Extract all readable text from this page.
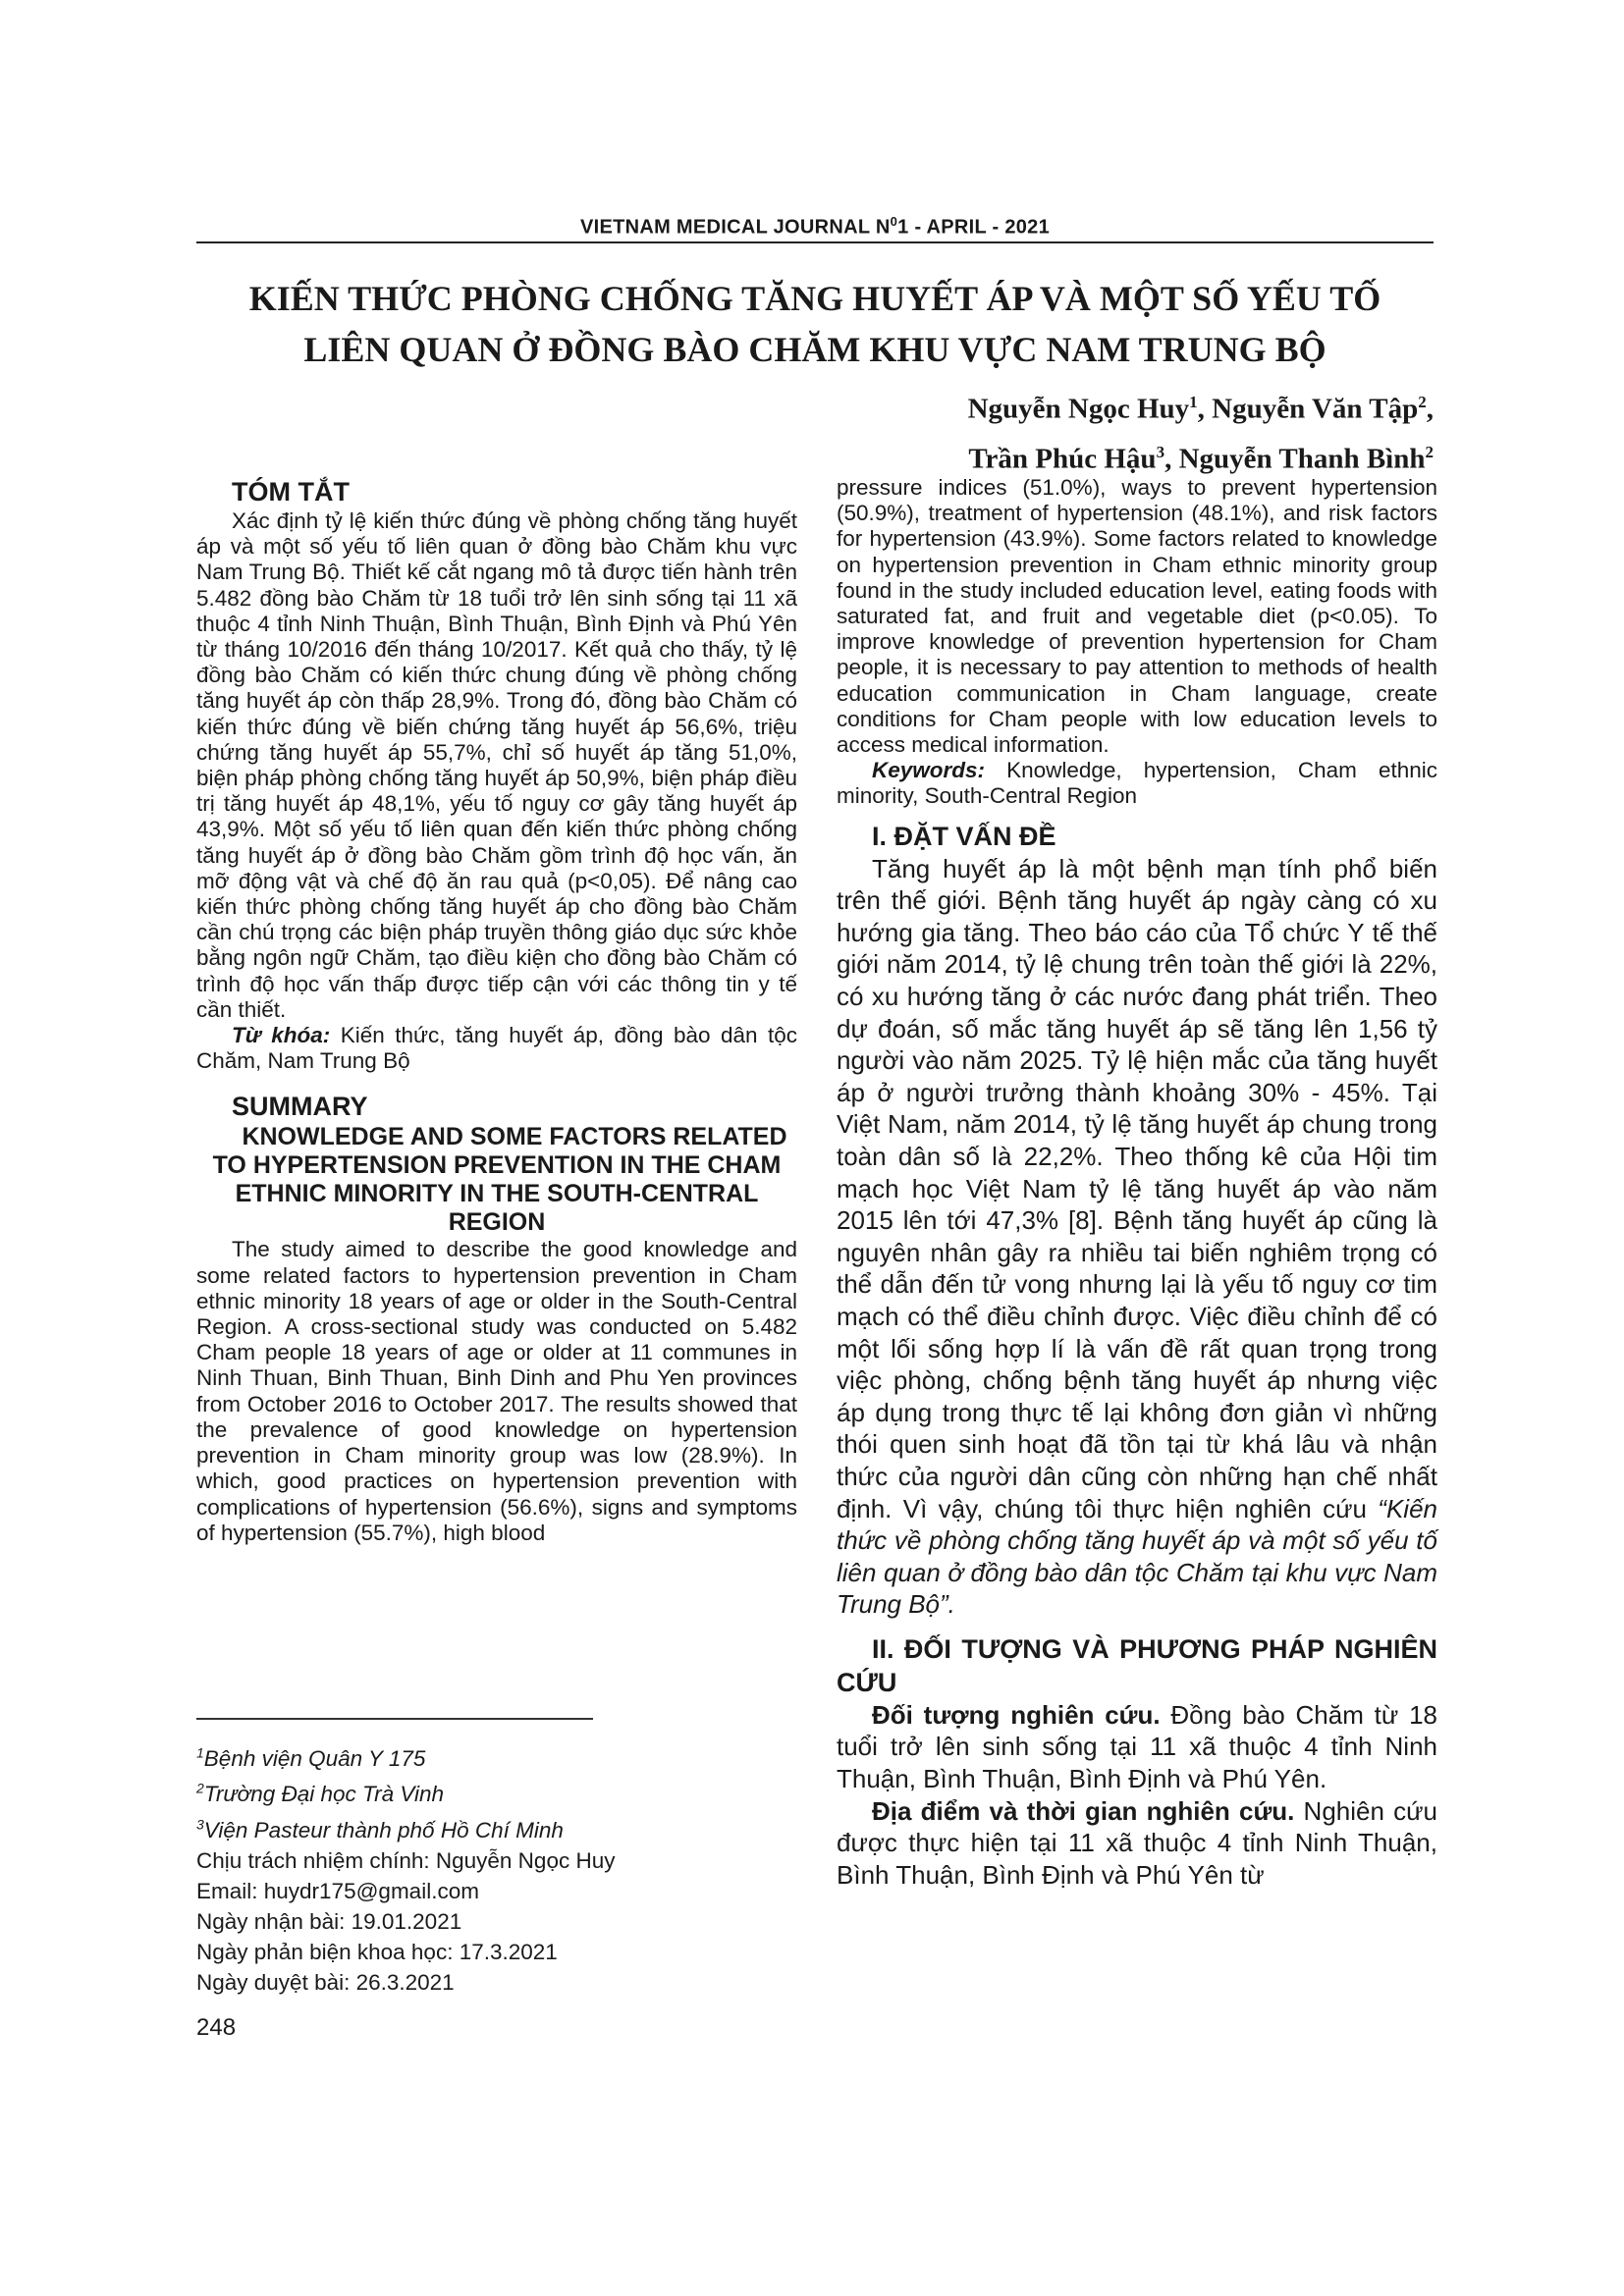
VIETNAM MEDICAL JOURNAL $N^01$ - APRIL - 2021
KIẾN THỨC PHÒNG CHỐNG TĂNG HUYẾT ÁP VÀ MỘT SỐ YẾU TỐ
LIÊN QUAN Ở ĐỒNG BÀO CHĂM KHU VỰC NAM TRUNG BỘ
Nguyễn Ngọc Huy$^1$, Nguyễn Văn Tập$^2$,
Trần Phúc Hậu$^3$, Nguyễn Thanh Bình$^2$

TÓM TẮT

Xác định tỷ lệ kiến thức đúng về phòng chống tăng huyết áp và một số yếu tố liên quan ở đồng bào Chăm khu vực Nam Trung Bộ. Thiết kế cắt ngang mô tả được tiến hành trên 5.482 đồng bào Chăm từ 18 tuổi trở lên sinh sống tại 11 xã thuộc 4 tỉnh Ninh Thuận, Bình Thuận, Bình Định và Phú Yên từ tháng 10/2016 đến tháng 10/2017. Kết quả cho thấy, tỷ lệ đồng bào Chăm có kiến thức chung đúng về phòng chống tăng huyết áp còn thấp 28,9%. Trong đó, đồng bào Chăm có kiến thức đúng về biến chứng tăng huyết áp 56,6%, triệu chứng tăng huyết áp 55,7%, chỉ số huyết áp tăng 51,0%, biện pháp phòng chống tăng huyết áp 50,9%, biện pháp điều trị tăng huyết áp 48,1%, yếu tố nguy cơ gây tăng huyết áp 43,9%. Một số yếu tố liên quan đến kiến thức phòng chống tăng huyết áp ở đồng bào Chăm gồm trình độ học vấn, ăn mỡ động vật và chế độ ăn rau quả (p<0,05). Để nâng cao kiến thức phòng chống tăng huyết áp cho đồng bào Chăm cần chú trọng các biện pháp truyền thông giáo dục sức khỏe bằng ngôn ngữ Chăm, tạo điều kiện cho đồng bào Chăm có trình độ học vấn thấp được tiếp cận với các thông tin y tế cần thiết.

Từ khóa: Kiến thức, tăng huyết áp, đồng bào dân tộc Chăm, Nam Trung Bộ

SUMMARY

KNOWLEDGE AND SOME FACTORS RELATED TO HYPERTENSION PREVENTION IN THE CHAM ETHNIC MINORITY IN THE SOUTH-CENTRAL REGION

The study aimed to describe the good knowledge and some related factors to hypertension prevention in Cham ethnic minority 18 years of age or older in the South-Central Region. A cross-sectional study was conducted on 5.482 Cham people 18 years of age or older at 11 communes in Ninh Thuan, Binh Thuan, Binh Dinh and Phu Yen provinces from October 2016 to October 2017. The results showed that the prevalence of good knowledge on hypertension prevention in Cham minority group was low (28.9%). In which, good practices on hypertension prevention with complications of hypertension (56.6%), signs and symptoms of hypertension (55.7%), high blood

pressure indices (51.0%), ways to prevent hypertension (50.9%), treatment of hypertension (48.1%), and risk factors for hypertension (43.9%). Some factors related to knowledge on hypertension prevention in Cham ethnic minority group found in the study included education level, eating foods with saturated fat, and fruit and vegetable diet (p<0.05). To improve knowledge of prevention hypertension for Cham people, it is necessary to pay attention to methods of health education communication in Cham language, create conditions for Cham people with low education levels to access medical information.

Keywords: Knowledge, hypertension, Cham ethnic minority, South-Central Region

I. ĐẶT VẤN ĐỀ

Tăng huyết áp là một bệnh mạn tính phổ biến trên thế giới. Bệnh tăng huyết áp ngày càng có xu hướng gia tăng. Theo báo cáo của Tổ chức Y tế thế giới năm 2014, tỷ lệ chung trên toàn thế giới là 22%, có xu hướng tăng ở các nước đang phát triển. Theo dự đoán, số mắc tăng huyết áp sẽ tăng lên 1,56 tỷ người vào năm 2025. Tỷ lệ hiện mắc của tăng huyết áp ở người trưởng thành khoảng 30% - 45%. Tại Việt Nam, năm 2014, tỷ lệ tăng huyết áp chung trong toàn dân số là 22,2%. Theo thống kê của Hội tim mạch học Việt Nam tỷ lệ tăng huyết áp vào năm 2015 lên tới 47,3% [8]. Bệnh tăng huyết áp cũng là nguyên nhân gây ra nhiều tai biến nghiêm trọng có thể dẫn đến tử vong nhưng lại là yếu tố nguy cơ tim mạch có thể điều chỉnh được. Việc điều chỉnh để có một lối sống hợp lí là vấn đề rất quan trọng trong việc phòng, chống bệnh tăng huyết áp nhưng việc áp dụng trong thực tế lại không đơn giản vì những thói quen sinh hoạt đã tồn tại từ khá lâu và nhận thức của người dân cũng còn những hạn chế nhất định. Vì vậy, chúng tôi thực hiện nghiên cứu “Kiến thức về phòng chống tăng huyết áp và một số yếu tố liên quan ở đồng bào dân tộc Chăm tại khu vực Nam Trung Bộ”.

II. ĐỐI TƯỢNG VÀ PHƯƠNG PHÁP NGHIÊN CỨU

Đối tượng nghiên cứu. Đồng bào Chăm từ 18 tuổi trở lên sinh sống tại 11 xã thuộc 4 tỉnh Ninh Thuận, Bình Thuận, Bình Định và Phú Yên.

Địa điểm và thời gian nghiên cứu. Nghiên cứu được thực hiện tại 11 xã thuộc 4 tỉnh Ninh Thuận, Bình Thuận, Bình Định và Phú Yên từ

$^1$Bệnh viện Quân Y 175
$^2$Trường Đại học Trà Vinh
$^3$Viện Pasteur thành phố Hồ Chí Minh
Chịu trách nhiệm chính: Nguyễn Ngọc Huy
Email: huydr175@gmail.com
Ngày nhận bài: 19.01.2021
Ngày phản biện khoa học: 17.3.2021
Ngày duyệt bài: 26.3.2021
248
